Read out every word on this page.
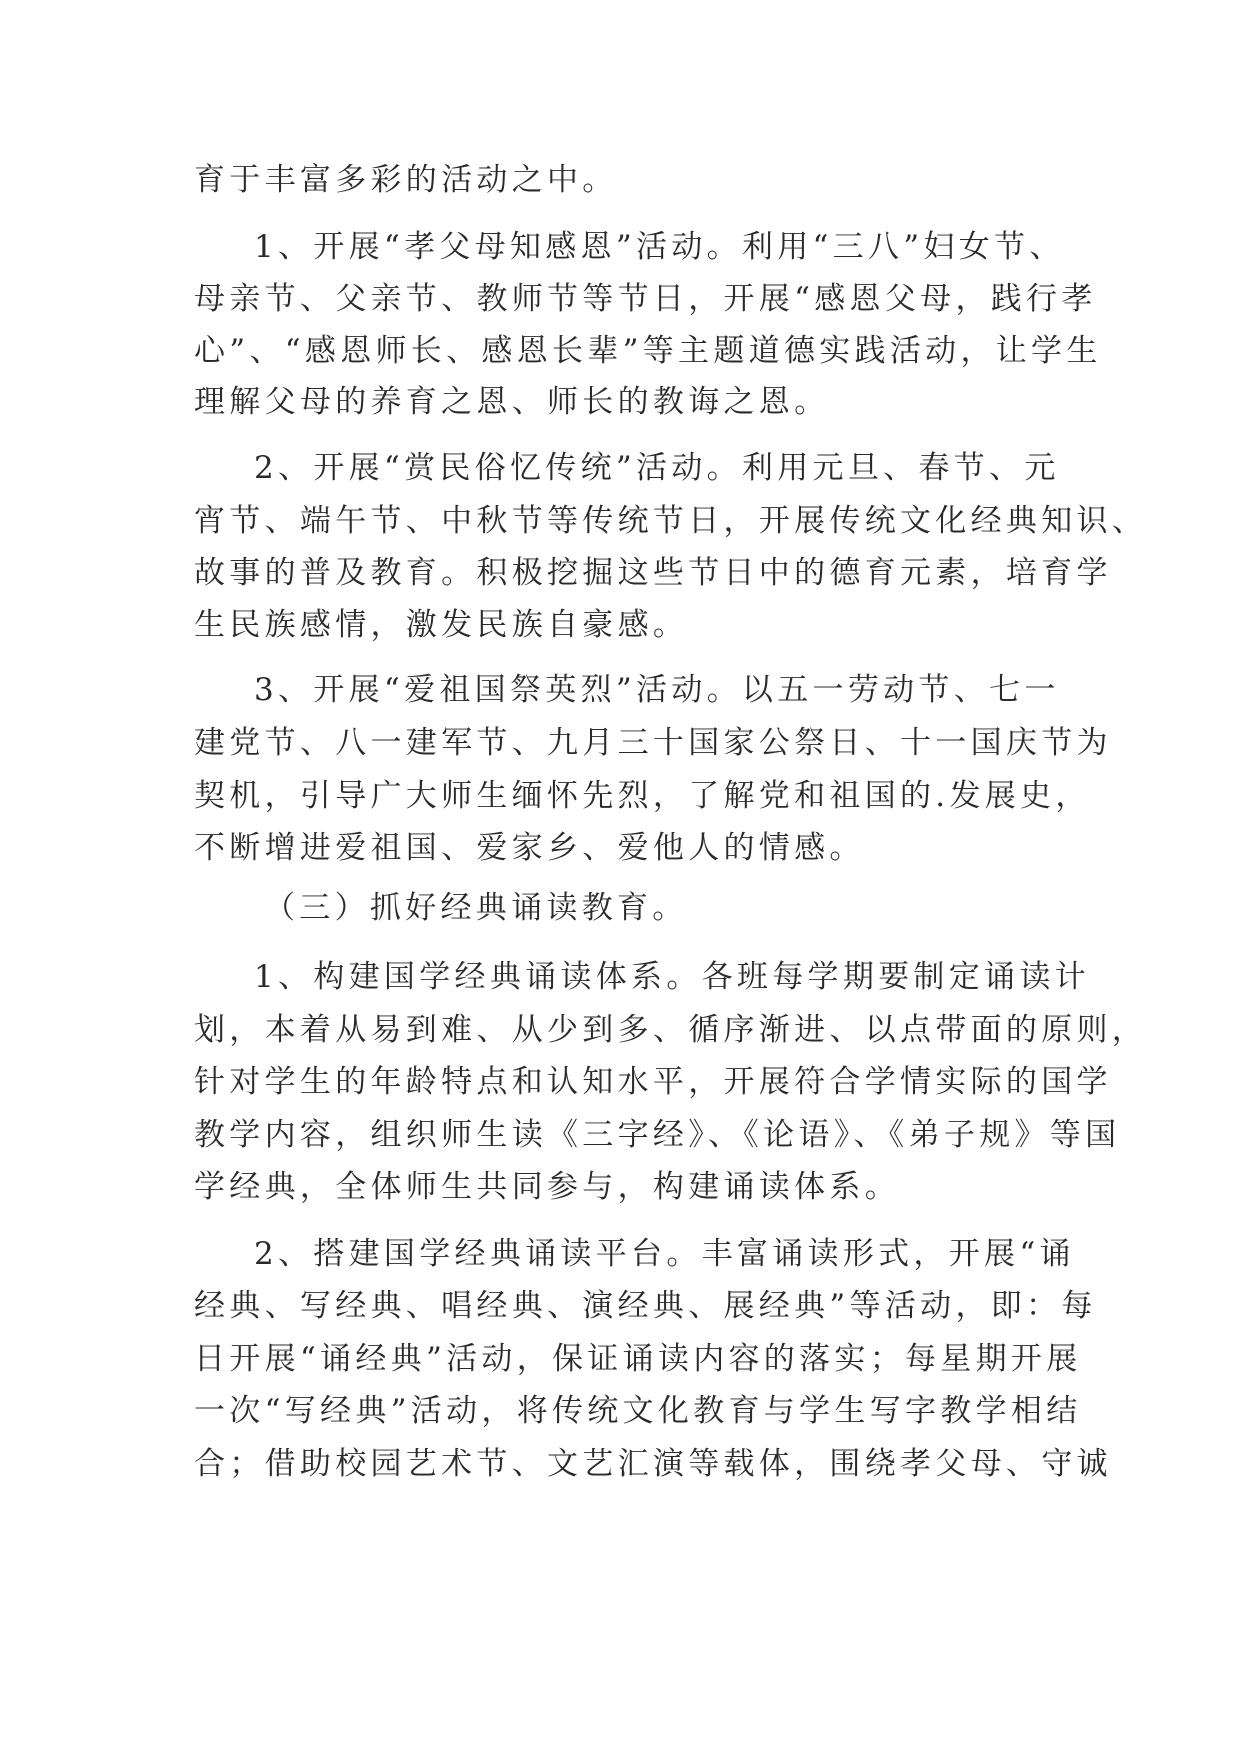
育于丰富多彩的活动之中。
1、开展“孝父母知感恩”活动。利用“三八”妇女节、
母亲节、父亲节、教师节等节日，开展“感恩父母，践行孝
心”、“感恩师长、感恩长辈”等主题道德实践活动，让学生
理解父母的养育之恩、师长的教诲之恩。
2、开展“赏民俗忆传统”活动。利用元旦、春节、元
宵节、端午节、中秋节等传统节日，开展传统文化经典知识、
故事的普及教育。积极挖掘这些节日中的德育元素，培育学
生民族感情，激发民族自豪感。
3、开展“爱祖国祭英烈”活动。以五一劳动节、七一
建党节、八一建军节、九月三十国家公祭日、十一国庆节为
契机，引导广大师生缅怀先烈，了解党和祖国的.发展史，
不断增进爱祖国、爱家乡、爱他人的情感。
（三）抓好经典诵读教育。
1、构建国学经典诵读体系。各班每学期要制定诵读计
划，本着从易到难、从少到多、循序渐进、以点带面的原则，
针对学生的年龄特点和认知水平，开展符合学情实际的国学
教学内容，组织师生读《三字经》、《论语》、《弟子规》等国
学经典，全体师生共同参与，构建诵读体系。
2、搭建国学经典诵读平台。丰富诵读形式，开展“诵
经典、写经典、唱经典、演经典、展经典”等活动，即：每
日开展“诵经典”活动，保证诵读内容的落实；每星期开展
一次“写经典”活动，将传统文化教育与学生写字教学相结
合；借助校园艺术节、文艺汇演等载体，围绕孝父母、守诚
